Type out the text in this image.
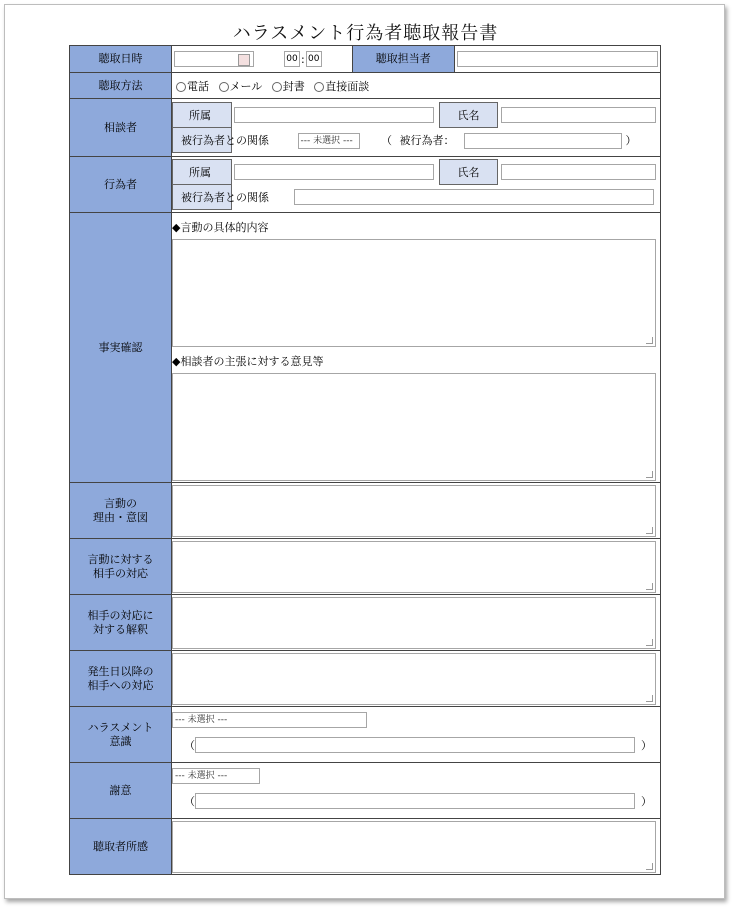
ハラスメント行為者聴取報告書
聴取日時	00 : 00	聴取担当者

聴取方法	電話 メール 封書 直接面談
相談者	
所属		氏名	
被行為者との関係	--- 未選択 ---	（ 被行為者：	）

行為者	
所属		氏名	
被行為者との関係	

事実確認	
◆言動の具体的内容
◆相談者の主張に対する意見等

言動の
理由・意図	

言動に対する
相手の対応	

相手の対応に
対する解釈	

発生日以降の
相手への対応	

ハラスメント
意識	
--- 未選択 ---
（	）

謝意	
--- 未選択 ---
（	）

聴取者所感	
